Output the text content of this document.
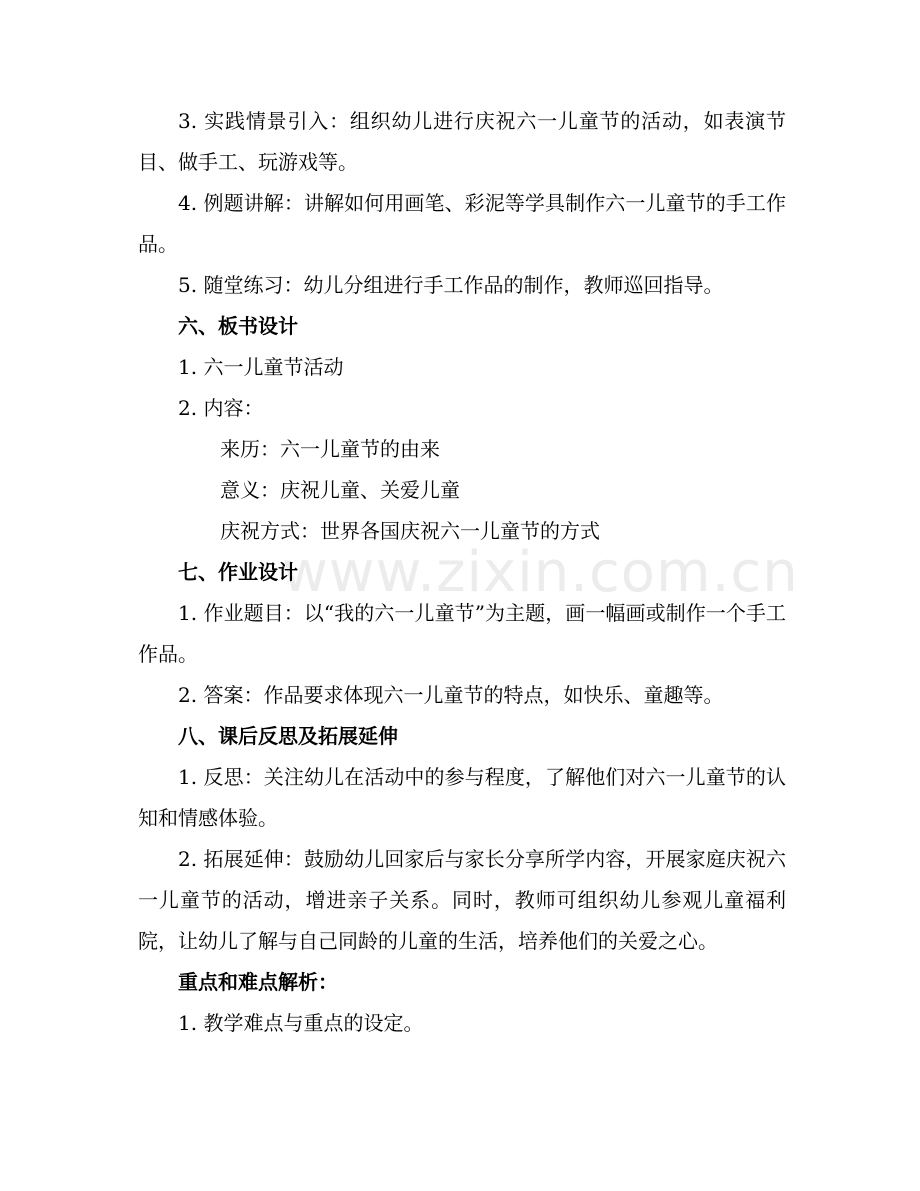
www.zixin.com.cn

3. 实践情景引入：组织幼儿进行庆祝六一儿童节的活动，如表演节目、做手工、玩游戏等。

4. 例题讲解：讲解如何用画笔、彩泥等学具制作六一儿童节的手工作品。

5. 随堂练习：幼儿分组进行手工作品的制作，教师巡回指导。

六、板书设计

1. 六一儿童节活动

2. 内容：

来历：六一儿童节的由来

意义：庆祝儿童、关爱儿童

庆祝方式：世界各国庆祝六一儿童节的方式

七、作业设计

1. 作业题目：以“我的六一儿童节”为主题，画一幅画或制作一个手工作品。

2. 答案：作品要求体现六一儿童节的特点，如快乐、童趣等。

八、课后反思及拓展延伸

1. 反思：关注幼儿在活动中的参与程度，了解他们对六一儿童节的认知和情感体验。

2. 拓展延伸：鼓励幼儿回家后与家长分享所学内容，开展家庭庆祝六一儿童节的活动，增进亲子关系。同时，教师可组织幼儿参观儿童福利院，让幼儿了解与自己同龄的儿童的生活，培养他们的关爱之心。

重点和难点解析：

1. 教学难点与重点的设定。
